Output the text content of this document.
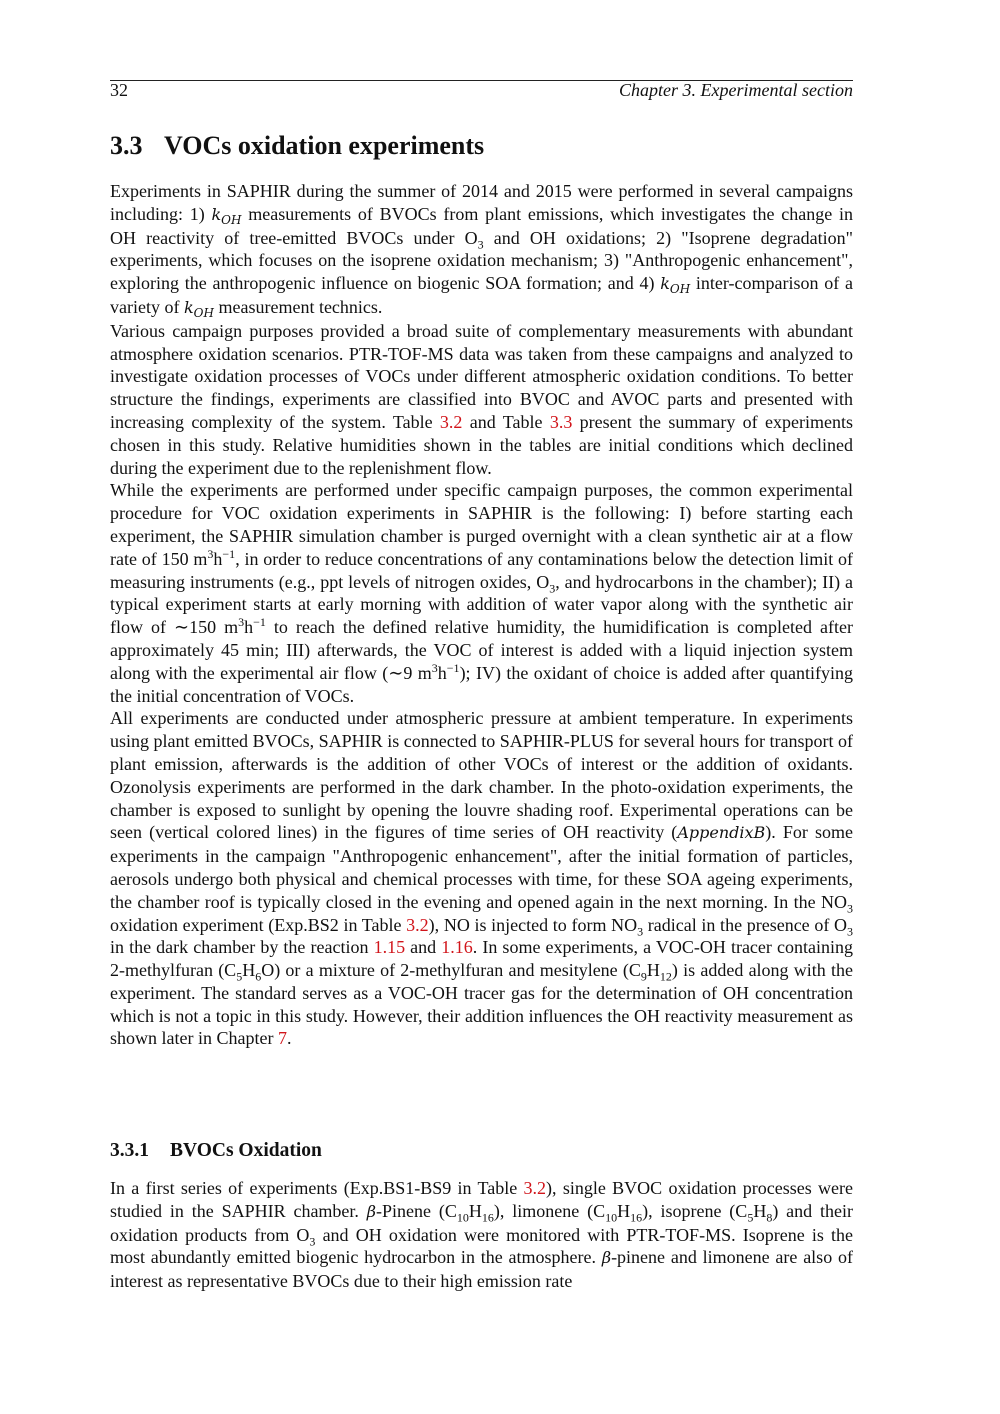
32	Chapter 3. Experimental section
3.3 VOCs oxidation experiments

Experiments in SAPHIR during the summer of 2014 and 2015 were performed in several campaigns including: 1) $k_{OH}$ measurements of BVOCs from plant emissions, which investigates the change in OH reactivity of tree-emitted BVOCs under $O_3$ and OH oxidations; 2) "Isoprene degradation" experiments, which focuses on the isoprene oxidation mechanism; 3) "Anthropogenic enhancement", exploring the anthropogenic influence on biogenic SOA formation; and 4) $k_{OH}$ inter-comparison of a variety of $k_{OH}$ measurement technics.

Various campaign purposes provided a broad suite of complementary measurements with abundant atmosphere oxidation scenarios. PTR-TOF-MS data was taken from these campaigns and analyzed to investigate oxidation processes of VOCs under different atmospheric oxidation conditions. To better structure the findings, experiments are classified into BVOC and AVOC parts and presented with increasing complexity of the system. Table 3.2 and Table 3.3 present the summary of experiments chosen in this study. Relative humidities shown in the tables are initial conditions which declined during the experiment due to the replenishment flow.

While the experiments are performed under specific campaign purposes, the common experimental procedure for VOC oxidation experiments in SAPHIR is the following: I) before starting each experiment, the SAPHIR simulation chamber is purged overnight with a clean synthetic air at a flow rate of 150 $m^3h^{-1}$, in order to reduce concentrations of any contaminations below the detection limit of measuring instruments (e.g., ppt levels of nitrogen oxides, $O_3$, and hydrocarbons in the chamber); II) a typical experiment starts at early morning with addition of water vapor along with the synthetic air flow of ∼150 $m^3h^{-1}$ to reach the defined relative humidity, the humidification is completed after approximately 45 min; III) afterwards, the VOC of interest is added with a liquid injection system along with the experimental air flow (∼9 $m^3h^{-1}$); IV) the oxidant of choice is added after quantifying the initial concentration of VOCs.

All experiments are conducted under atmospheric pressure at ambient temperature. In experiments using plant emitted BVOCs, SAPHIR is connected to SAPHIR-PLUS for several hours for transport of plant emission, afterwards is the addition of other VOCs of interest or the addition of oxidants. Ozonolysis experiments are performed in the dark chamber. In the photo-oxidation experiments, the chamber is exposed to sunlight by opening the louvre shading roof. Experimental operations can be seen (vertical colored lines) in the figures of time series of OH reactivity (AppendixB). For some experiments in the campaign "Anthropogenic enhancement", after the initial formation of particles, aerosols undergo both physical and chemical processes with time, for these SOA ageing experiments, the chamber roof is typically closed in the evening and opened again in the next morning. In the $NO_3$ oxidation experiment (Exp.BS2 in Table 3.2), NO is injected to form $NO_3$ radical in the presence of $O_3$ in the dark chamber by the reaction 1.15 and 1.16. In some experiments, a VOC-OH tracer containing 2-methylfuran $(C_5H_6O)$ or a mixture of 2-methylfuran and mesitylene $(C_9H_{12})$ is added along with the experiment. The standard serves as a VOC-OH tracer gas for the determination of OH concentration which is not a topic in this study. However, their addition influences the OH reactivity measurement as shown later in Chapter 7.

3.3.1 BVOCs Oxidation

In a first series of experiments (Exp.BS1-BS9 in Table 3.2), single BVOC oxidation processes were studied in the SAPHIR chamber. β-Pinene $(C_{10}H_{16})$, limonene $(C_{10}H_{16})$, isoprene $(C_5H_8)$ and their oxidation products from $O_3$ and OH oxidation were monitored with PTR-TOF-MS. Isoprene is the most abundantly emitted biogenic hydrocarbon in the atmosphere. β-pinene and limonene are also of interest as representative BVOCs due to their high emission rate
